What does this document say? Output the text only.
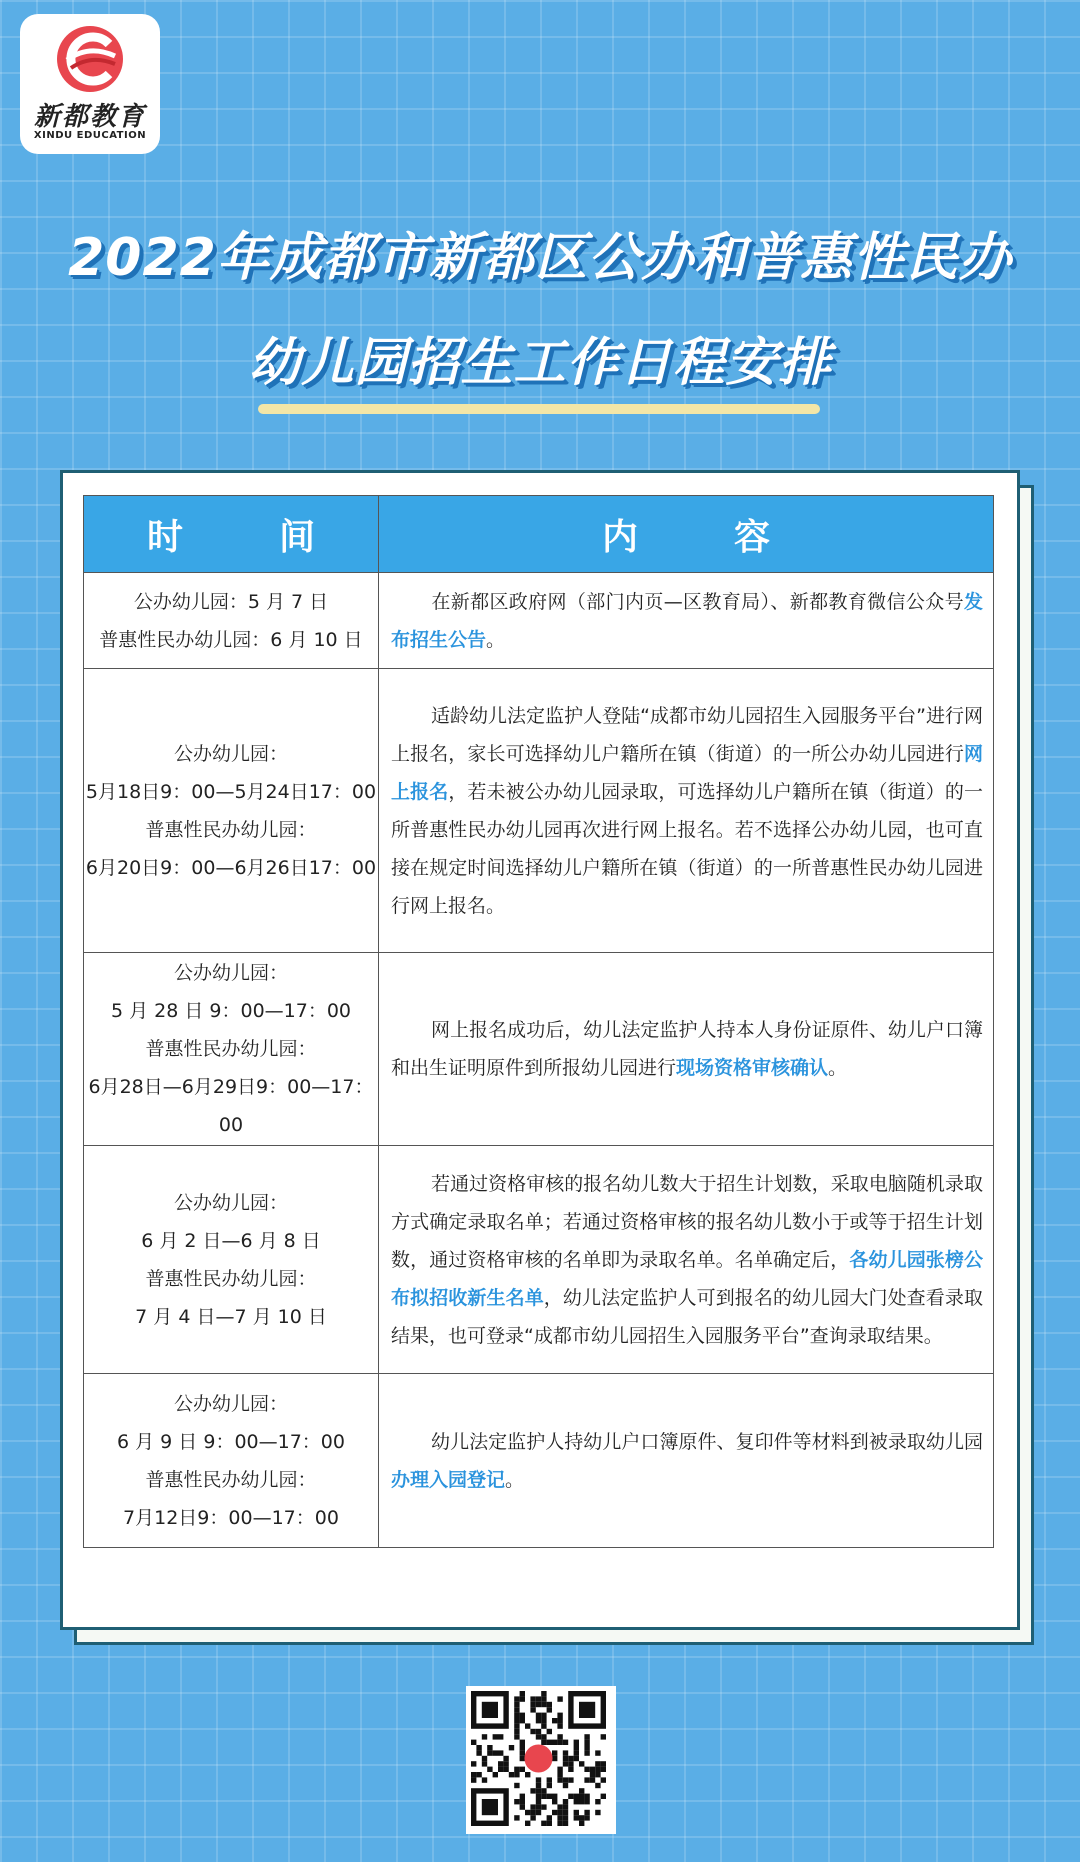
新都教育
XINDU EDUCATION
2022年成都市新都区公办和普惠性民办
幼儿园招生工作日程安排
时　间	内　容

公办幼儿园：5 月 7 日
普惠性民办幼儿园：6 月 10 日	在新都区政府网（部门内页—区教育局）、新都教育微信公众号发布招生公告。

公办幼儿园：
5月18日9：00—5月24日17：00
普惠性民办幼儿园：
6月20日9：00—6月26日17：00	适龄幼儿法定监护人登陆“成都市幼儿园招生入园服务平台”进行网上报名，家长可选择幼儿户籍所在镇（街道）的一所公办幼儿园进行网上报名，若未被公办幼儿园录取，可选择幼儿户籍所在镇（街道）的一所普惠性民办幼儿园再次进行网上报名。若不选择公办幼儿园，也可直接在规定时间选择幼儿户籍所在镇（街道）的一所普惠性民办幼儿园进行网上报名。

公办幼儿园：
5 月 28 日 9：00—17：00
普惠性民办幼儿园：
6月28日—6月29日9：00—17：00	网上报名成功后，幼儿法定监护人持本人身份证原件、幼儿户口簿和出生证明原件到所报幼儿园进行现场资格审核确认。

公办幼儿园：
6 月 2 日—6 月 8 日
普惠性民办幼儿园：
7 月 4 日—7 月 10 日	若通过资格审核的报名幼儿数大于招生计划数，采取电脑随机录取方式确定录取名单；若通过资格审核的报名幼儿数小于或等于招生计划数，通过资格审核的名单即为录取名单。名单确定后，各幼儿园张榜公布拟招收新生名单，幼儿法定监护人可到报名的幼儿园大门处查看录取结果，也可登录“成都市幼儿园招生入园服务平台”查询录取结果。

公办幼儿园：
6 月 9 日 9：00—17：00
普惠性民办幼儿园：
7月12日9：00—17：00	幼儿法定监护人持幼儿户口簿原件、复印件等材料到被录取幼儿园办理入园登记。
